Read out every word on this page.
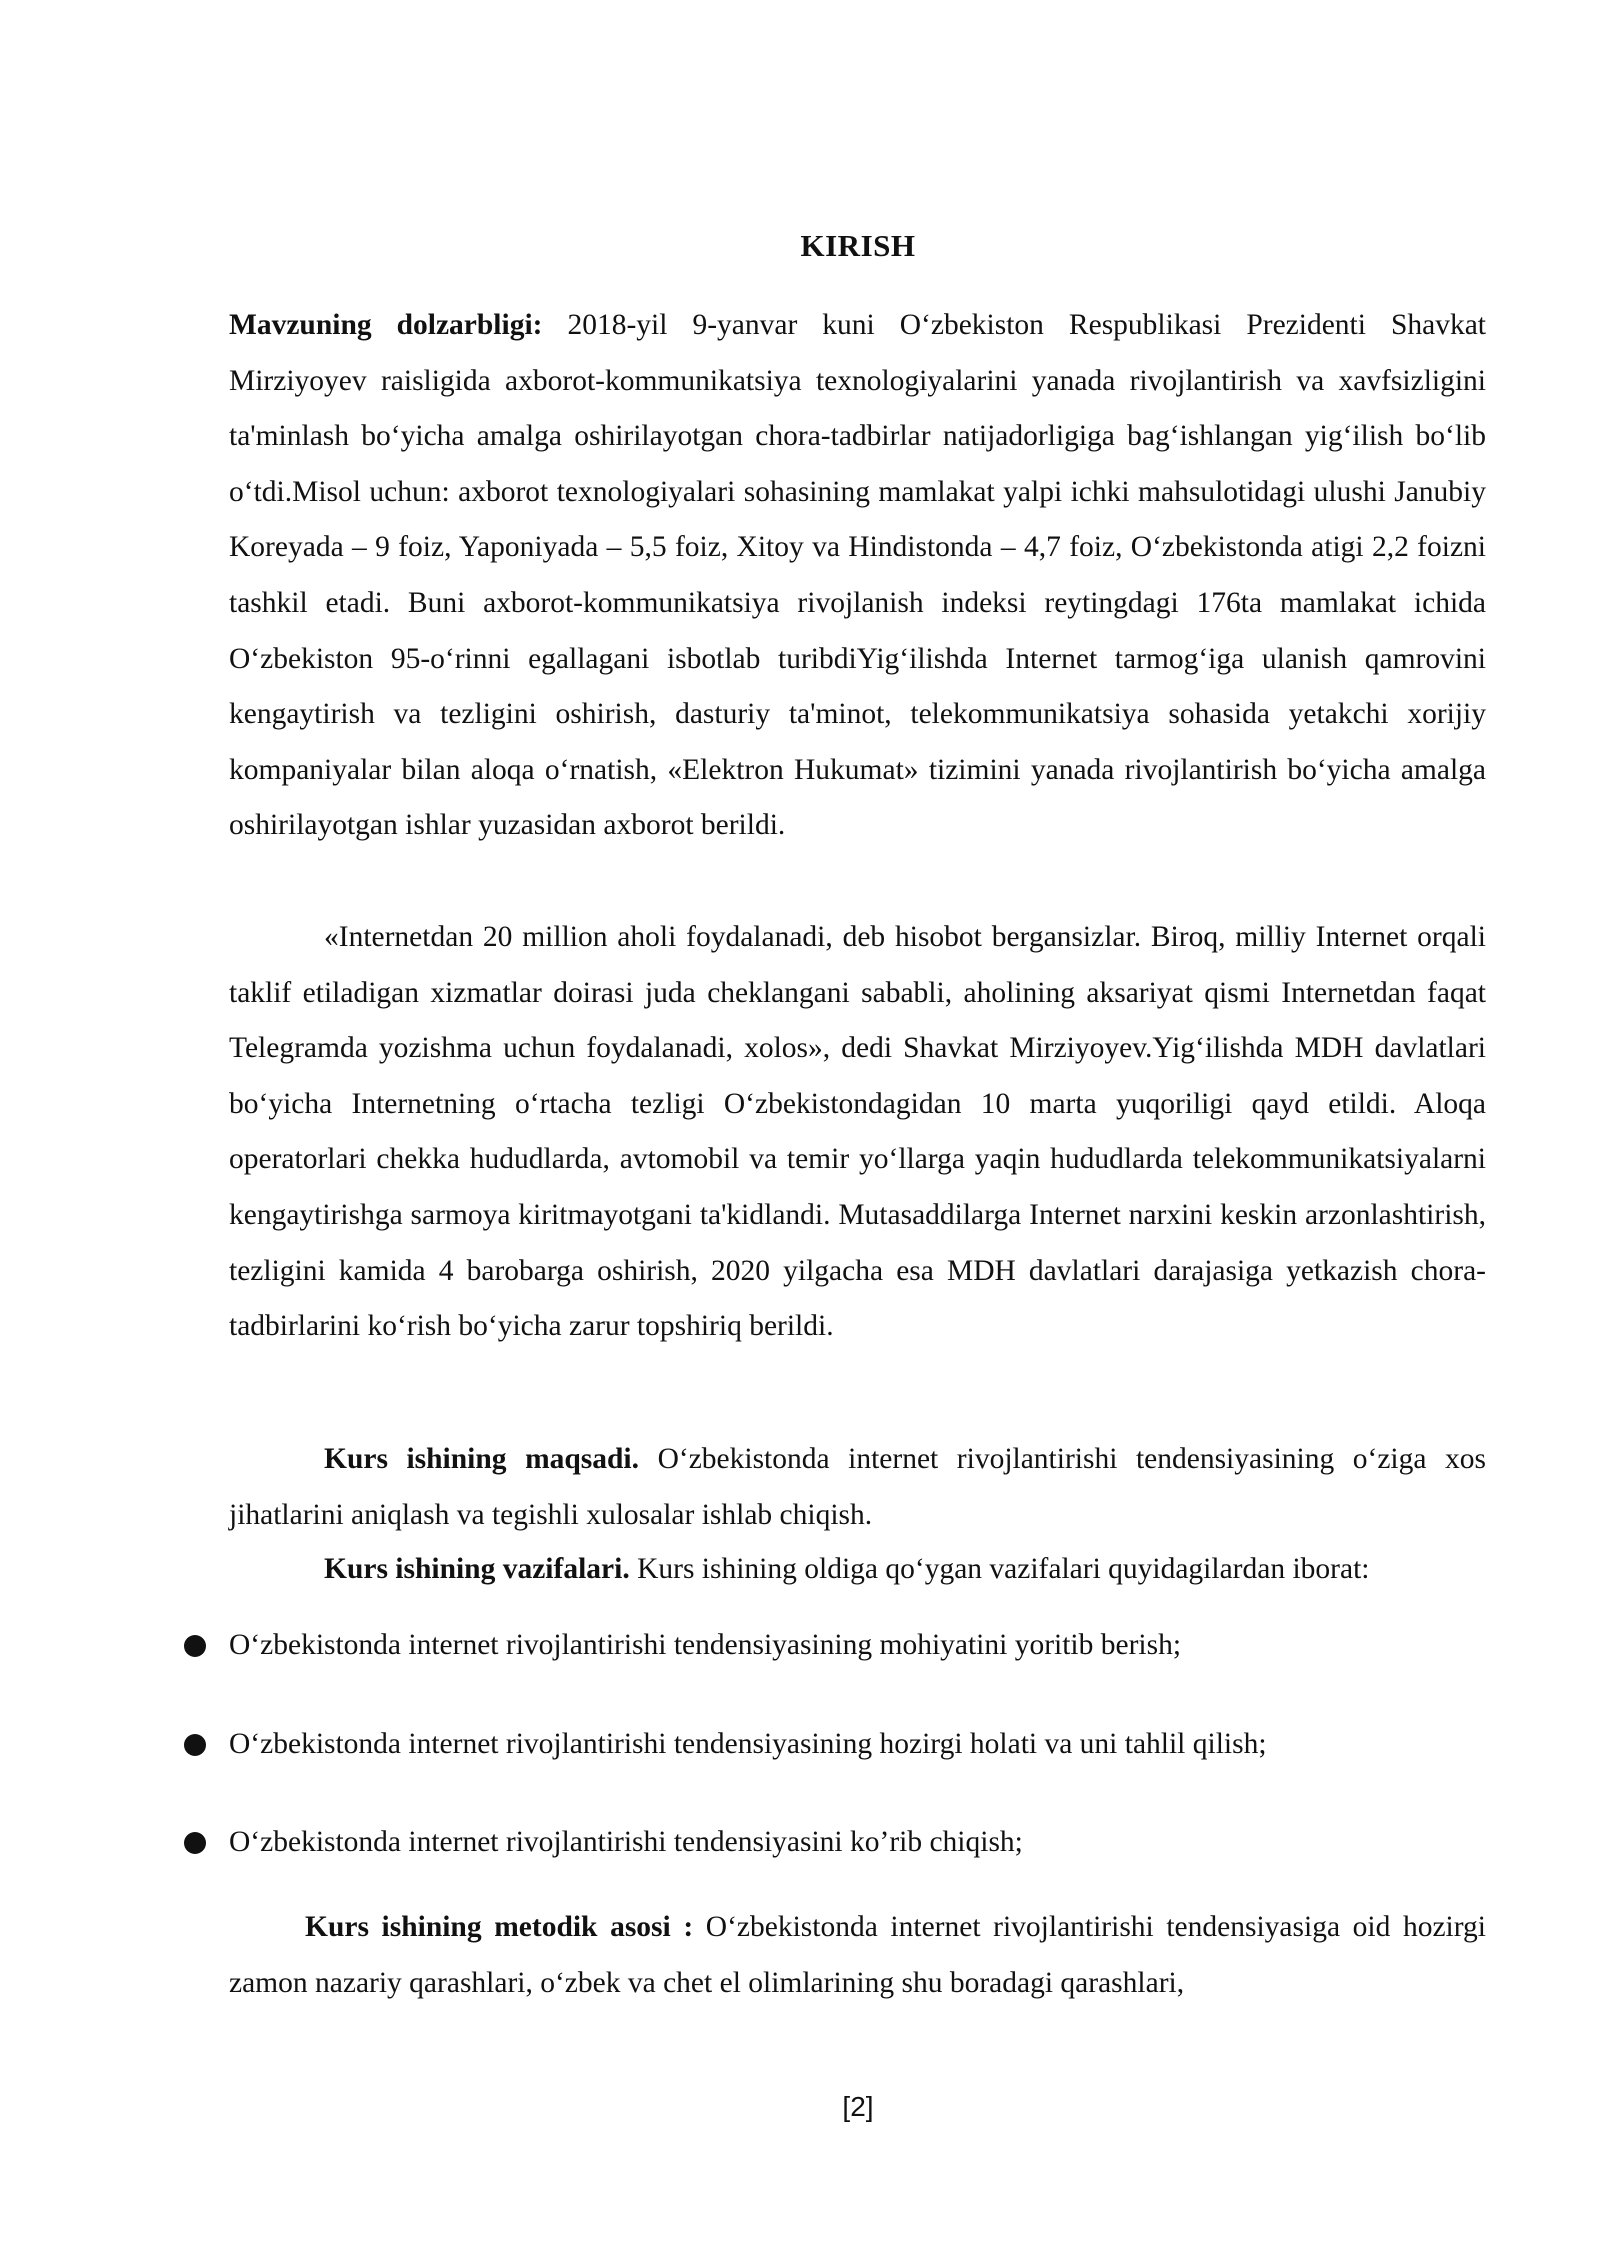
KIRISH
Mavzuning dolzarbligi: 2018-yil 9-yanvar kuni O‘zbekiston Respublikasi Prezidenti Shavkat Mirziyoyev raisligida axborot-kommunikatsiya texnologiyalarini yanada rivojlantirish va xavfsizligini ta'minlash bo‘yicha amalga oshirilayotgan chora-tadbirlar natijadorligiga bag‘ishlangan yig‘ilish bo‘lib o‘tdi.Misol uchun: axborot texnologiyalari sohasining mamlakat yalpi ichki mahsulotidagi ulushi Janubiy Koreyada – 9 foiz, Yaponiyada – 5,5 foiz, Xitoy va Hindistonda – 4,7 foiz, O‘zbekistonda atigi 2,2 foizni tashkil etadi. Buni axborot-kommunikatsiya rivojlanish indeksi reytingdagi 176ta mamlakat ichida O‘zbekiston 95-o‘rinni egallagani isbotlab turibdiYig‘ilishda Internet tarmog‘iga ulanish qamrovini kengaytirish va tezligini oshirish, dasturiy ta'minot, telekommunikatsiya sohasida yetakchi xorijiy kompaniyalar bilan aloqa o‘rnatish, «Elektron Hukumat» tizimini yanada rivojlantirish bo‘yicha amalga oshirilayotgan ishlar yuzasidan axborot berildi.
«Internetdan 20 million aholi foydalanadi, deb hisobot bergansizlar. Biroq, milliy Internet orqali taklif etiladigan xizmatlar doirasi juda cheklangani sababli, aholining aksariyat qismi Internetdan faqat Telegramda yozishma uchun foydalanadi, xolos», dedi Shavkat Mirziyoyev.Yig‘ilishda MDH davlatlari bo‘yicha Internetning o‘rtacha tezligi O‘zbekistondagidan 10 marta yuqoriligi qayd etildi. Aloqa operatorlari chekka hududlarda, avtomobil va temir yo‘llarga yaqin hududlarda telekommunikatsiyalarni kengaytirishga sarmoya kiritmayotgani ta'kidlandi. Mutasaddilarga Internet narxini keskin arzonlashtirish, tezligini kamida 4 barobarga oshirish, 2020 yilgacha esa MDH davlatlari darajasiga yetkazish chora-tadbirlarini ko‘rish bo‘yicha zarur topshiriq berildi.
Kurs ishining maqsadi. O‘zbekistonda internet rivojlantirishi tendensiyasining o‘ziga xos jihatlarini aniqlash va tegishli xulosalar ishlab chiqish.
Kurs ishining vazifalari. Kurs ishining oldiga qo‘ygan vazifalari quyidagilardan iborat:
O‘zbekistonda internet rivojlantirishi tendensiyasining mohiyatini yoritib berish;
O‘zbekistonda internet rivojlantirishi tendensiyasining hozirgi holati va uni tahlil qilish;
O‘zbekistonda internet rivojlantirishi tendensiyasini ko’rib chiqish;
Kurs ishining metodik asosi : O‘zbekistonda internet rivojlantirishi tendensiyasiga oid hozirgi zamon nazariy qarashlari, o‘zbek va chet el olimlarining shu boradagi qarashlari,
[2]
